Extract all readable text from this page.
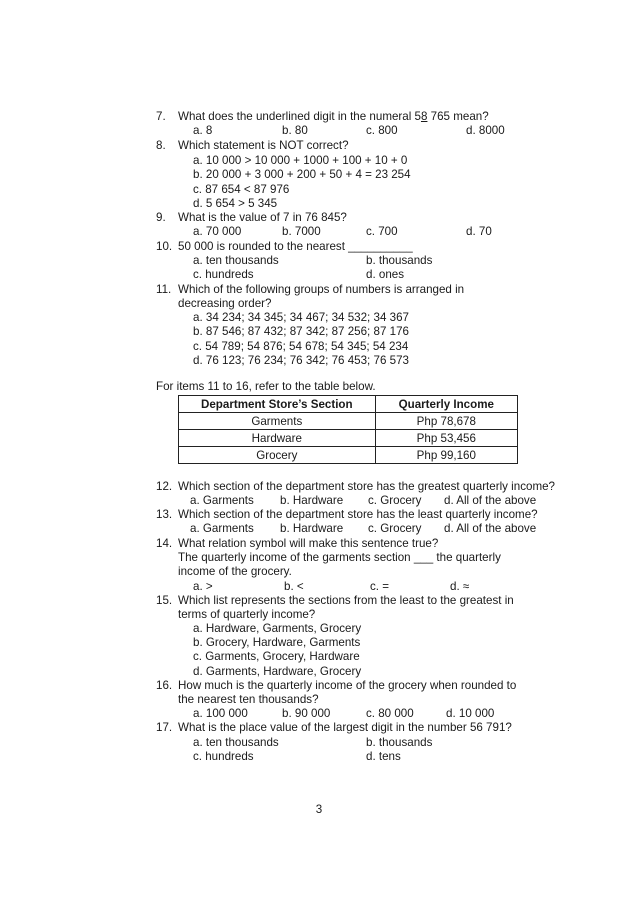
7. What does the underlined digit in the numeral 58 765 mean?
a. 8	b. 80	c. 800	d. 8000
8. Which statement is NOT correct?
a. 10 000 > 10 000 + 1000 + 100 + 10 + 0
b. 20 000 + 3 000 + 200 + 50 + 4 = 23 254
c. 87 654 < 87 976
d. 5 654 > 5 345
9. What is the value of 7 in 76 845?
a. 70 000	b. 7000	c. 700	d. 70
10. 50 000 is rounded to the nearest __________
a. ten thousands	b. thousands
c. hundreds	d. ones
11. Which of the following groups of numbers is arranged in
decreasing order?
a. 34 234; 34 345; 34 467; 34 532; 34 367
b. 87 546; 87 432; 87 342; 87 256; 87 176
c. 54 789; 54 876; 54 678; 54 345; 54 234
d. 76 123; 76 234; 76 342; 76 453; 76 573
For items 11 to 16, refer to the table below.
Department Store’s Section	Quarterly Income
Garments	Php 78,678
Hardware	Php 53,456
Grocery	Php 99,160
12. Which section of the department store has the greatest quarterly income?
a. Garments b. Hardware c. Grocery d. All of the above
13. Which section of the department store has the least quarterly income?
a. Garments b. Hardware c. Grocery d. All of the above
14. What relation symbol will make this sentence true?
The quarterly income of the garments section ___ the quarterly
income of the grocery.
a. >	b. <	c. =	d. ≈
15. Which list represents the sections from the least to the greatest in
terms of quarterly income?
a. Hardware, Garments, Grocery
b. Grocery, Hardware, Garments
c. Garments, Grocery, Hardware
d. Garments, Hardware, Grocery
16. How much is the quarterly income of the grocery when rounded to
the nearest ten thousands?
a. 100 000	b. 90 000	c. 80 000	d. 10 000
17. What is the place value of the largest digit in the number 56 791?
a. ten thousands	b. thousands
c. hundreds	d. tens
3
